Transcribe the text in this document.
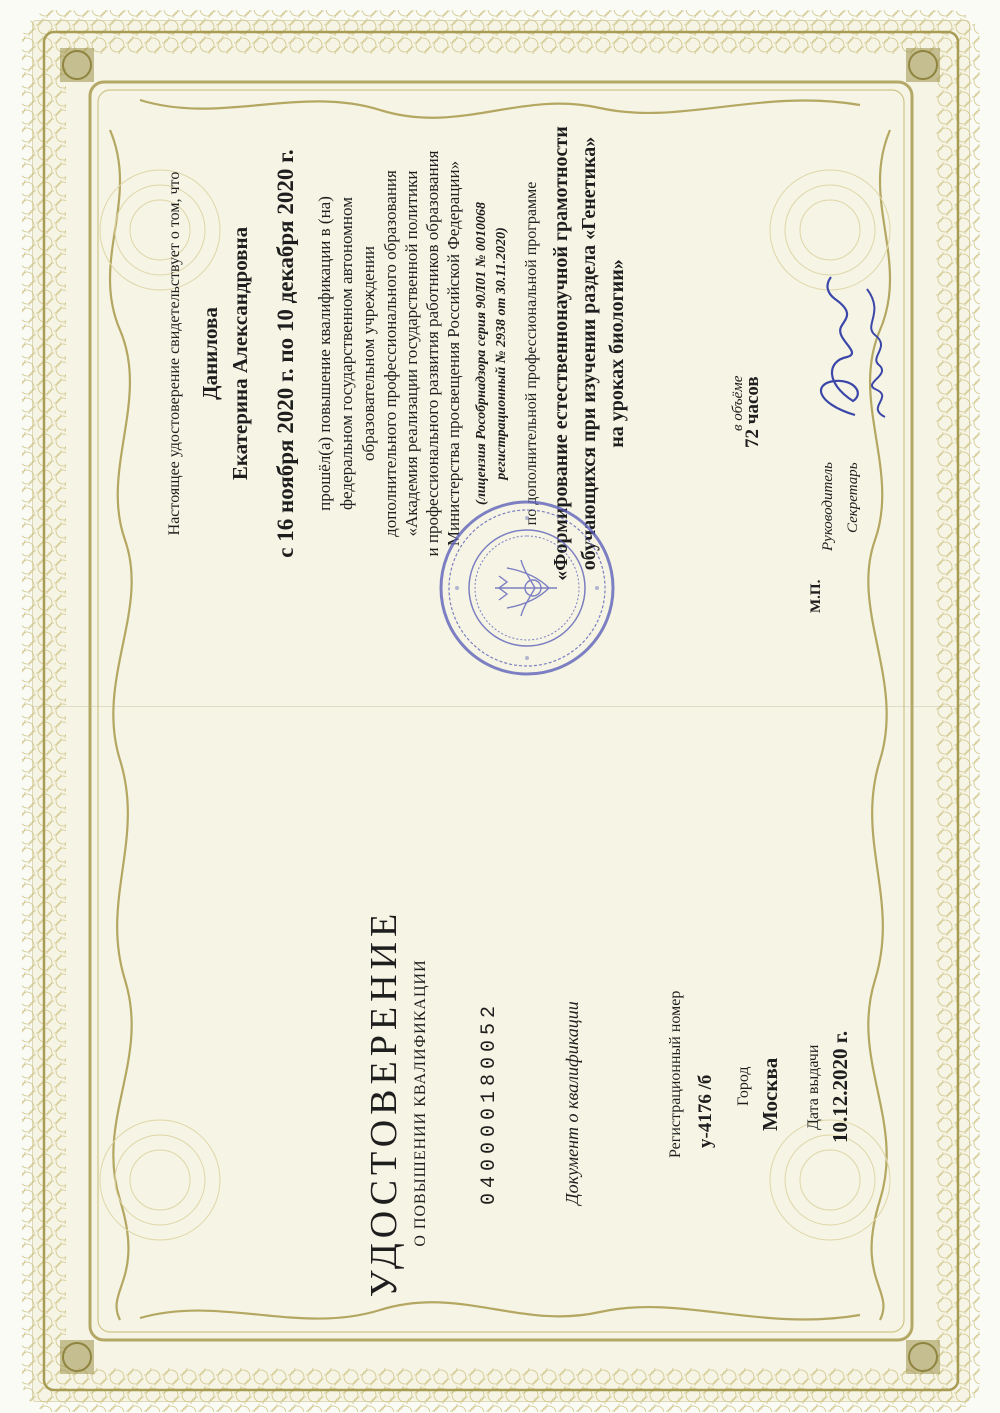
УДОСТОВЕРЕНИЕ О ПОВЫШЕНИИ КВАЛИФИКАЦИИ 040000180052	Документ о квалификации	Регистрационный номер у-4176 /б Город Москва Дата выдачи 10.12.2020 г.
Настоящее удостоверение свидетельствует о том, что Данилова Екатерина Александровна с 16 ноября 2020 г. по 10 декабря 2020 г. прошёл(а) повышение квалификации в (на) федеральном государственном автономном образовательном учреждении дополнительного профессионального образования «Академия реализации государственной политики и профессионального развития работников образования Министерства просвещения Российской Федерации» (лицензия Рособрнадзора серия 90Л01 № 0010068 регистрационный № 2938 от 30.11.2020) по дополнительной профессиональной программе «Формирование естественнонаучной грамотности обучающихся при изучении раздела «Генетика» на уроках биологии»	в объёме
72 часов
М.П.
Руководитель Секретарь
